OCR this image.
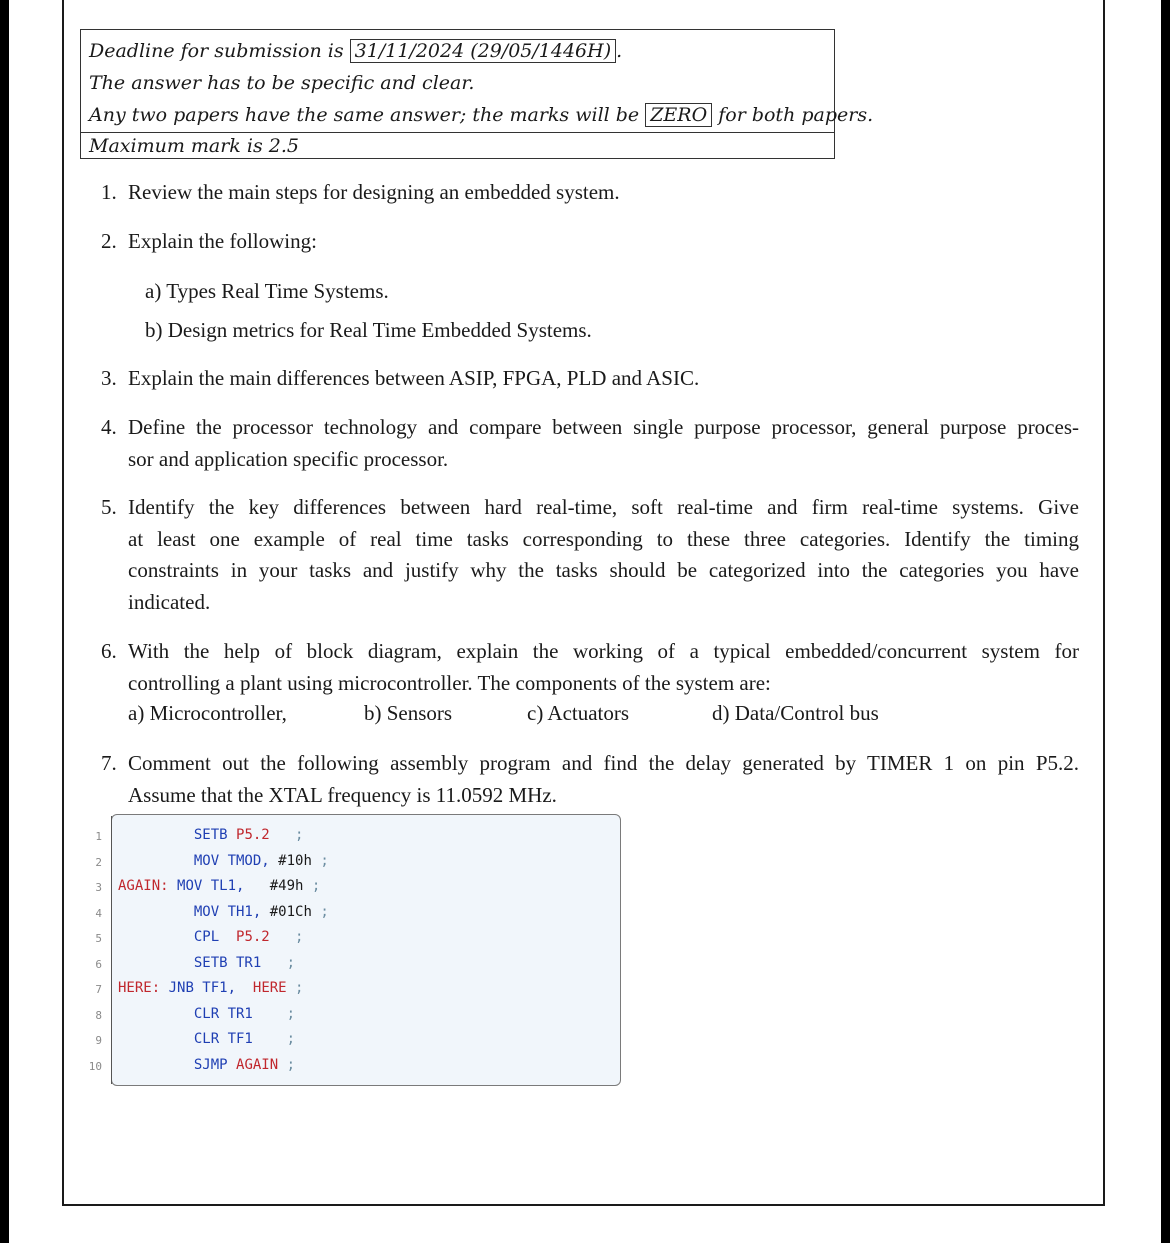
Deadline for submission is 31/11/2024 (29/05/1446H) .
The answer has to be specific and clear.
Any two papers have the same answer; the marks will be ZERO for both papers.
Maximum mark is 2.5
1. Review the main steps for designing an embedded system.
2. Explain the following:
a) Types Real Time Systems.
b) Design metrics for Real Time Embedded Systems.
3. Explain the main differences between ASIP, FPGA, PLD and ASIC.
4. Define the processor technology and compare between single purpose processor, general purpose proces-
sor and application specific processor.
5. Identify the key differences between hard real-time, soft real-time and firm real-time systems. Give
at least one example of real time tasks corresponding to these three categories. Identify the timing
constraints in your tasks and justify why the tasks should be categorized into the categories you have
indicated.
6. With the help of block diagram, explain the working of a typical embedded/concurrent system for
controlling a plant using microcontroller. The components of the system are:
a) Microcontroller,	b) Sensors	c) Actuators	d) Data/Control bus
7. Comment out the following assembly program and find the delay generated by TIMER 1 on pin P5.2.
Assume that the XTAL frequency is 11.0592 MHz.
1	SETB P5.2 ;
2	MOV TMOD, #10h ;
3 AGAIN: MOV TL1, #49h ;
4	MOV TH1, #01Ch ;
5	CPL  P5.2 ;
6	SETB TR1 ;
7 HERE: JNB TF1, HERE ;
8	CLR TR1 ;
9	CLR TF1 ;
10	SJMP AGAIN ;
